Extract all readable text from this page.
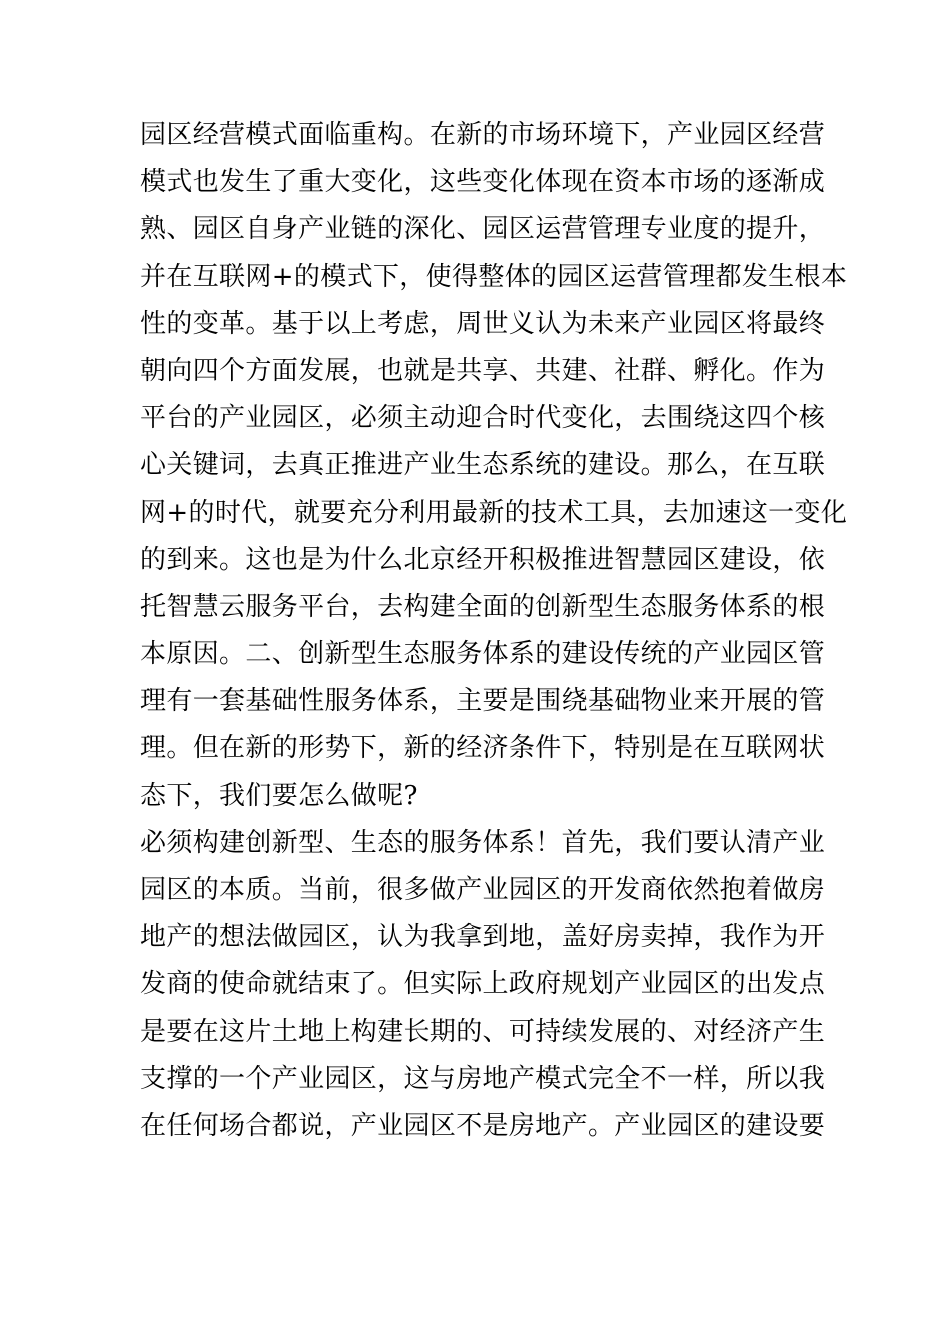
园区经营模式面临重构。在新的市场环境下，产业园区经营
模式也发生了重大变化，这些变化体现在资本市场的逐渐成
熟、园区自身产业链的深化、园区运营管理专业度的提升，
并在互联网+的模式下，使得整体的园区运营管理都发生根本
性的变革。基于以上考虑，周世义认为未来产业园区将最终
朝向四个方面发展，也就是共享、共建、社群、孵化。作为
平台的产业园区，必须主动迎合时代变化，去围绕这四个核
心关键词，去真正推进产业生态系统的建设。那么，在互联
网+的时代，就要充分利用最新的技术工具，去加速这一变化
的到来。这也是为什么北京经开积极推进智慧园区建设，依
托智慧云服务平台，去构建全面的创新型生态服务体系的根
本原因。二、创新型生态服务体系的建设传统的产业园区管
理有一套基础性服务体系，主要是围绕基础物业来开展的管
理。但在新的形势下，新的经济条件下，特别是在互联网状
态下，我们要怎么做呢?
必须构建创新型、生态的服务体系！首先，我们要认清产业
园区的本质。当前，很多做产业园区的开发商依然抱着做房
地产的想法做园区，认为我拿到地，盖好房卖掉，我作为开
发商的使命就结束了。但实际上政府规划产业园区的出发点
是要在这片土地上构建长期的、可持续发展的、对经济产生
支撑的一个产业园区，这与房地产模式完全不一样，所以我
在任何场合都说，产业园区不是房地产。产业园区的建设要
